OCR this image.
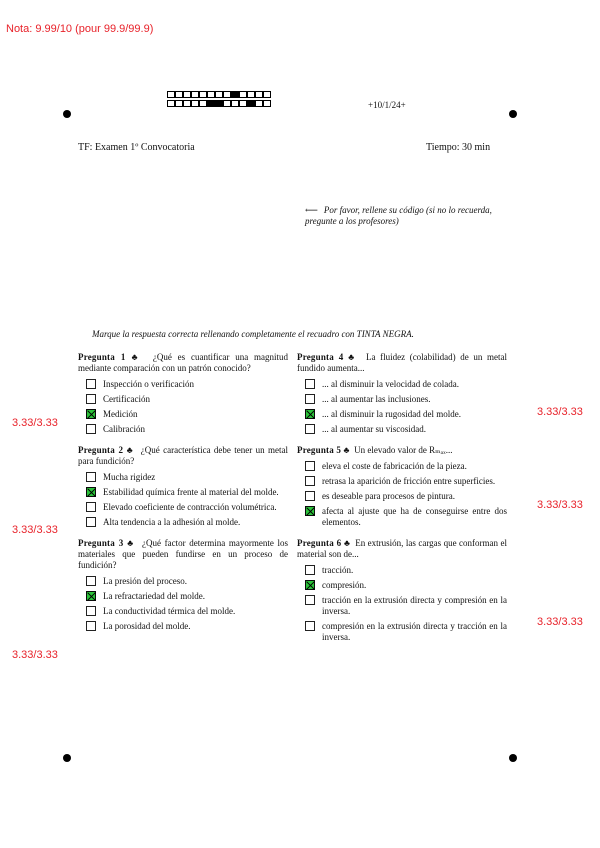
Nota: 9.99/10 (pour 99.9/99.9)
+10/1/24+
TF: Examen 1º Convocatoria	Tiempo: 30 min
⟵ Por favor, rellene su código (si no lo recuerda, pregunte a los profesores)
Marque la respuesta correcta rellenando completamente el recuadro con TINTA NEGRA.
Pregunta 1 ♣ ¿Qué es cuantificar una magnitud mediante comparación con un patrón conocido?
Inspección o verificación
Certificación
Medición
Calibración
Pregunta 2 ♣ ¿Qué característica debe tener un metal para fundición?
Mucha rigidez
Estabilidad química frente al material del molde.
Elevado coeficiente de contracción volumétrica.
Alta tendencia a la adhesión al molde.
Pregunta 3 ♣ ¿Qué factor determina mayormente los materiales que pueden fundirse en un proceso de fundición?
La presión del proceso.
La refractariedad del molde.
La conductividad térmica del molde.
La porosidad del molde.
Pregunta 4 ♣ La fluidez (colabilidad) de un metal fundido aumenta...
... al disminuir la velocidad de colada.
... al aumentar las inclusiones.
... al disminuir la rugosidad del molde.
... al aumentar su viscosidad.
Pregunta 5 ♣ Un elevado valor de Rₘₐₓ...
eleva el coste de fabricación de la pieza.
retrasa la aparición de fricción entre superficies.
es deseable para procesos de pintura.
afecta al ajuste que ha de conseguirse entre dos elementos.
Pregunta 6 ♣ En extrusión, las cargas que conforman el material son de...
tracción.
compresión.
tracción en la extrusión directa y compresión en la inversa.
compresión en la extrusión directa y tracción en la inversa.
3.33/3.33
3.33/3.33
3.33/3.33
3.33/3.33
3.33/3.33
3.33/3.33
